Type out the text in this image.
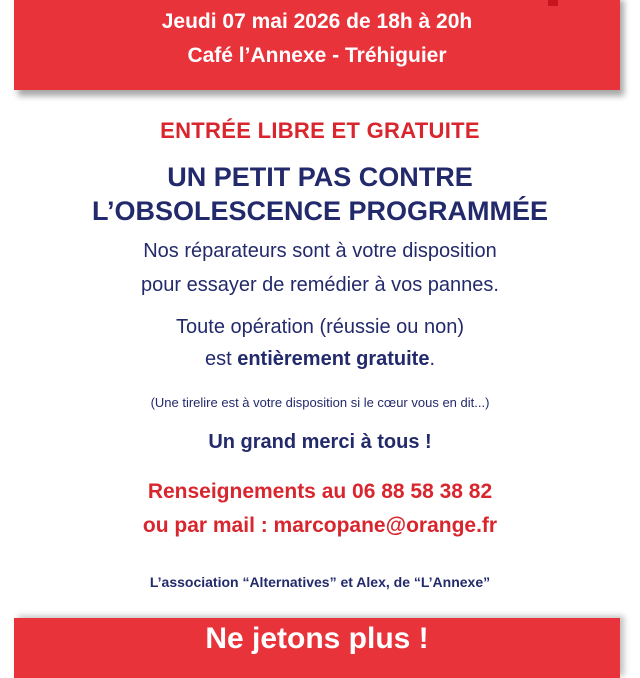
Jeudi 07 mai 2026 de 18h à 20h
Café l’Annexe - Tréhiguier
ENTRÉE LIBRE ET GRATUITE
UN PETIT PAS CONTRE
L’OBSOLESCENCE PROGRAMMÉE
Nos réparateurs sont à votre disposition
pour essayer de remédier à vos pannes.
Toute opération (réussie ou non)
est entièrement gratuite.
(Une tirelire est à votre disposition si le cœur vous en dit...)
Un grand merci à tous !
Renseignements au 06 88 58 38 82
ou par mail : marcopane@orange.fr
L’association “Alternatives” et Alex, de “L’Annexe”
Ne jetons plus !
